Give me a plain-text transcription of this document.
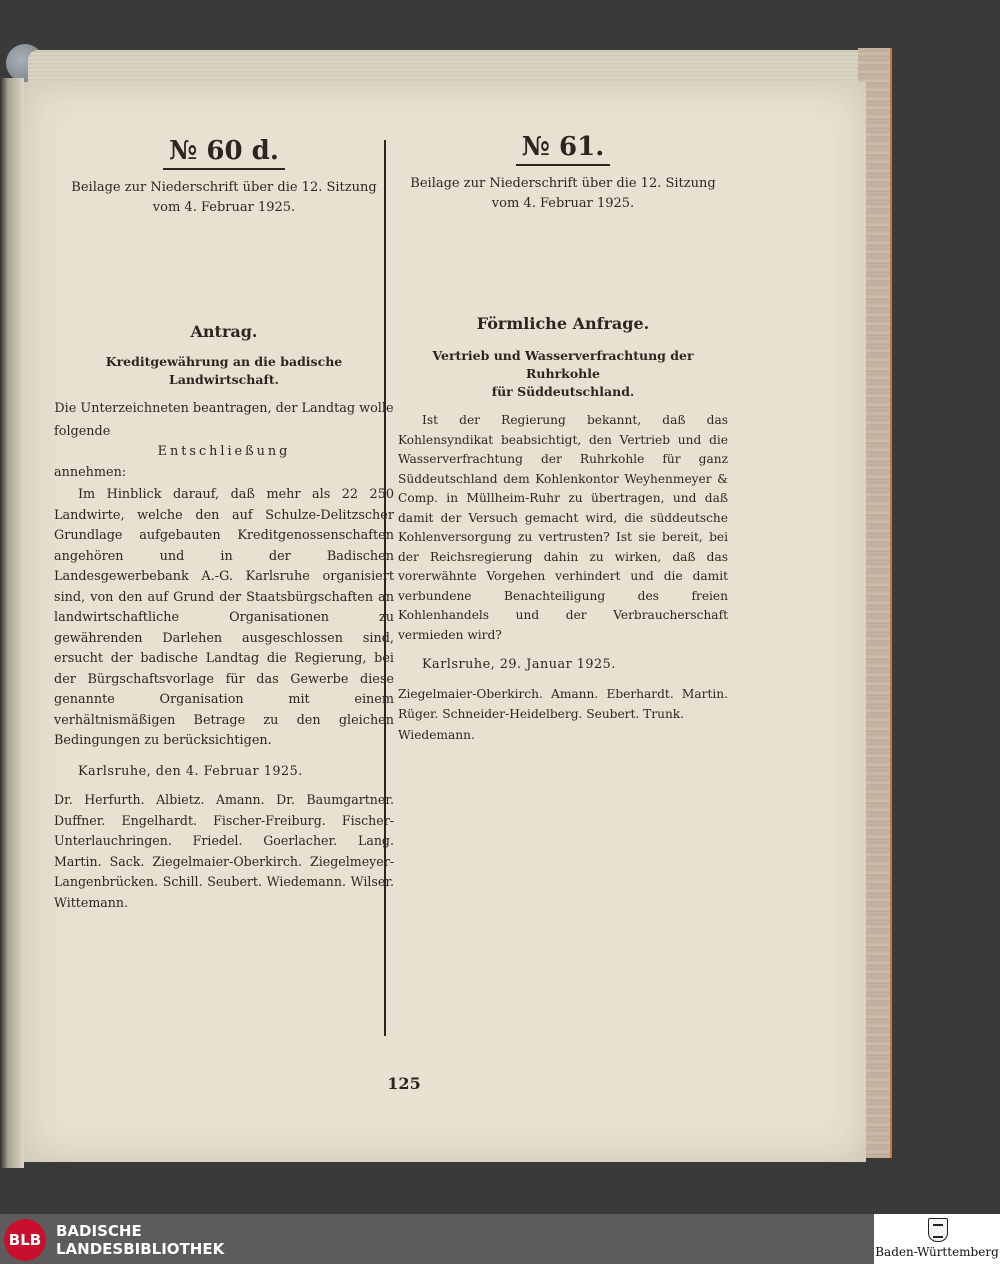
№ 60 d.
Beilage zur Niederschrift über die 12. Sitzung
vom 4. Februar 1925.
Antrag.
Kreditgewährung an die badische Landwirtschaft.
Die Unterzeichneten beantragen, der Landtag wolle
folgende
Entschließung
annehmen:
Im Hinblick darauf, daß mehr als 22 250 Landwirte, welche den auf Schulze-Delitzscher Grundlage aufgebauten Kreditgenossenschaften angehören und in der Badischen Landesgewerbebank A.-G. Karlsruhe organisiert sind, von den auf Grund der Staatsbürgschaften an landwirtschaftliche Organisationen zu gewährenden Darlehen ausgeschlossen sind, ersucht der badische Landtag die Regierung, bei der Bürgschaftsvorlage für das Gewerbe diese genannte Organisation mit einem verhältnismäßigen Betrage zu den gleichen Bedingungen zu berücksichtigen.
Karlsruhe, den 4. Februar 1925.
Dr. Herfurth. Albietz. Amann. Dr. Baumgartner. Duffner. Engelhardt. Fischer-Freiburg. Fischer-Unterlauchringen. Friedel. Goerlacher. Lang. Martin. Sack. Ziegelmaier-Oberkirch. Ziegelmeyer-Langenbrücken. Schill. Seubert. Wiedemann. Wilser. Wittemann.
№ 61.
Beilage zur Niederschrift über die 12. Sitzung
vom 4. Februar 1925.
Förmliche Anfrage.
Vertrieb und Wasserverfrachtung der Ruhrkohle
für Süddeutschland.
Ist der Regierung bekannt, daß das Kohlensyndikat beabsichtigt, den Vertrieb und die Wasserverfrachtung der Ruhrkohle für ganz Süddeutschland dem Kohlenkontor Weyhenmeyer & Comp. in Müllheim-Ruhr zu übertragen, und daß damit der Versuch gemacht wird, die süddeutsche Kohlenversorgung zu vertrusten? Ist sie bereit, bei der Reichsregierung dahin zu wirken, daß das vorerwähnte Vorgehen verhindert und die damit verbundene Benachteiligung des freien Kohlenhandels und der Verbraucherschaft vermieden wird?
Karlsruhe, 29. Januar 1925.
Ziegelmaier-Oberkirch. Amann. Eberhardt. Martin. Rüger. Schneider-Heidelberg. Seubert. Trunk.
Wiedemann.
125
BLB BADISCHE
LANDESBIBLIOTHEK	Baden-Württemberg
